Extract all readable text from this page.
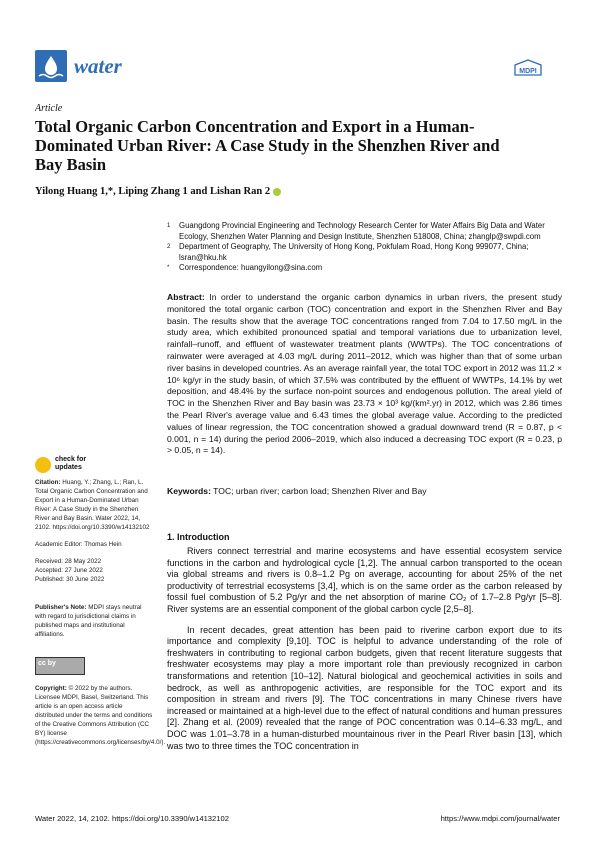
water	MDPI
Article
Total Organic Carbon Concentration and Export in a Human-Dominated Urban River: A Case Study in the Shenzhen River and Bay Basin
Yilong Huang 1,*, Liping Zhang 1 and Lishan Ran 2
1	Guangdong Provincial Engineering and Technology Research Center for Water Affairs Big Data and Water Ecology, Shenzhen Water Planning and Design Institute, Shenzhen 518008, China; zhanglp@swpdi.com
2	Department of Geography, The University of Hong Kong, Pokfulam Road, Hong Kong 999077, China; lsran@hku.hk
*	Correspondence: huangyilong@sina.com
Abstract: In order to understand the organic carbon dynamics in urban rivers, the present study monitored the total organic carbon (TOC) concentration and export in the Shenzhen River and Bay basin. The results show that the average TOC concentrations ranged from 7.04 to 17.50 mg/L in the study area, which exhibited pronounced spatial and temporal variations due to urbanization level, rainfall–runoff, and effluent of wastewater treatment plants (WWTPs). The TOC concentrations of rainwater were averaged at 4.03 mg/L during 2011–2012, which was higher than that of some urban river basins in developed countries. As an average rainfall year, the total TOC export in 2012 was 11.2 × 10⁶ kg/yr in the study basin, of which 37.5% was contributed by the effluent of WWTPs, 14.1% by wet deposition, and 48.4% by the surface non-point sources and endogenous pollution. The areal yield of TOC in the Shenzhen River and Bay basin was 23.73 × 10³ kg/(km².yr) in 2012, which was 2.86 times the Pearl River's average value and 6.43 times the global average value. According to the predicted values of linear regression, the TOC concentration showed a gradual downward trend (R = 0.87, p < 0.001, n = 14) during the period 2006–2019, which also induced a decreasing TOC export (R = 0.23, p > 0.05, n = 14).
Keywords: TOC; urban river; carbon load; Shenzhen River and Bay
check for
updates
Citation: Huang, Y.; Zhang, L.; Ran, L. Total Organic Carbon Concentration and Export in a Human-Dominated Urban River: A Case Study in the Shenzhen River and Bay Basin. Water 2022, 14, 2102. https://doi.org/10.3390/w14132102
Academic Editor: Thomas Hein
Received: 28 May 2022
Accepted: 27 June 2022
Published: 30 June 2022
Publisher's Note: MDPI stays neutral with regard to jurisdictional claims in published maps and institutional affiliations.
cc by
Copyright: © 2022 by the authors. Licensee MDPI, Basel, Switzerland. This article is an open access article distributed under the terms and conditions of the Creative Commons Attribution (CC BY) license (https://creativecommons.org/licenses/by/4.0/).
1. Introduction

Rivers connect terrestrial and marine ecosystems and have essential ecosystem service functions in the carbon and hydrological cycle [1,2]. The annual carbon transported to the ocean via global streams and rivers is 0.8–1.2 Pg on average, accounting for about 25% of the net productivity of terrestrial ecosystems [3,4], which is on the same order as the carbon released by fossil fuel combustion of 5.2 Pg/yr and the net absorption of marine CO₂ of 1.7–2.8 Pg/yr [5–8]. River systems are an essential component of the global carbon cycle [2,5–8].

In recent decades, great attention has been paid to riverine carbon export due to its importance and complexity [9,10]. TOC is helpful to advance understanding of the role of freshwaters in contributing to regional carbon budgets, given that recent literature suggests that freshwater ecosystems may play a more important role than previously recognized in carbon transformations and retention [10–12]. Natural biological and geochemical activities in soils and bedrock, as well as anthropogenic activities, are responsible for the TOC export and its composition in stream and rivers [9]. The TOC concentrations in many Chinese rivers have increased or maintained at a high-level due to the effect of natural conditions and human pressures [2]. Zhang et al. (2009) revealed that the range of POC concentration was 0.14–6.33 mg/L, and DOC was 1.01–3.78 in a human-disturbed mountainous river in the Pearl River basin [13], which was two to three times the TOC concentration in

Water 2022, 14, 2102. https://doi.org/10.3390/w14132102	https://www.mdpi.com/journal/water
